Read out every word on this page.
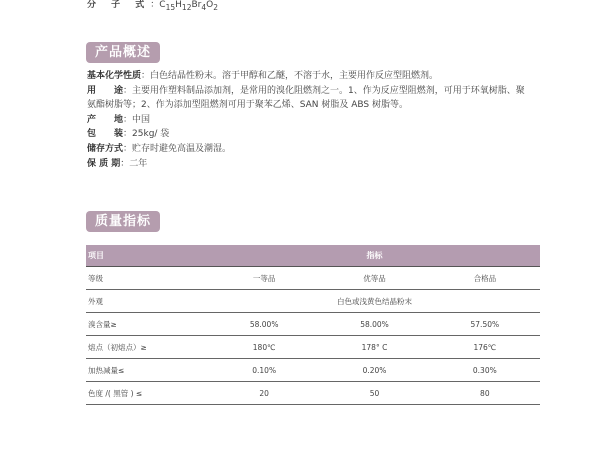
分 子 式：$C_{15}H_{12}Br_4O_2$
产品概述
基本化学性质：白色结晶性粉末。溶于甲醇和乙醚，不溶于水，主要用作反应型阻燃剂。
用　　途：主要用作塑料制品添加剂，是常用的溴化阻燃剂之一。1、作为反应型阻燃剂，可用于环氧树脂、聚氨酯树脂等；2、作为添加型阻燃剂可用于聚苯乙烯、SAN 树脂及 ABS 树脂等。
产　　地：中国
包　　装：25kg/ 袋
储存方式：贮存时避免高温及潮湿。
保 质 期：二年
质量指标
项目	指标		
等级	一等品	优等品	合格品
外观	白色或浅黄色结晶粉末		
溴含量≥	58.00%	58.00%	57.50%
熔点（初熔点）≥	180℃	178° C	176℃
加热减量≤	0.10%	0.20%	0.30%
色度 /( 黑管 ) ≤	20	50	80
